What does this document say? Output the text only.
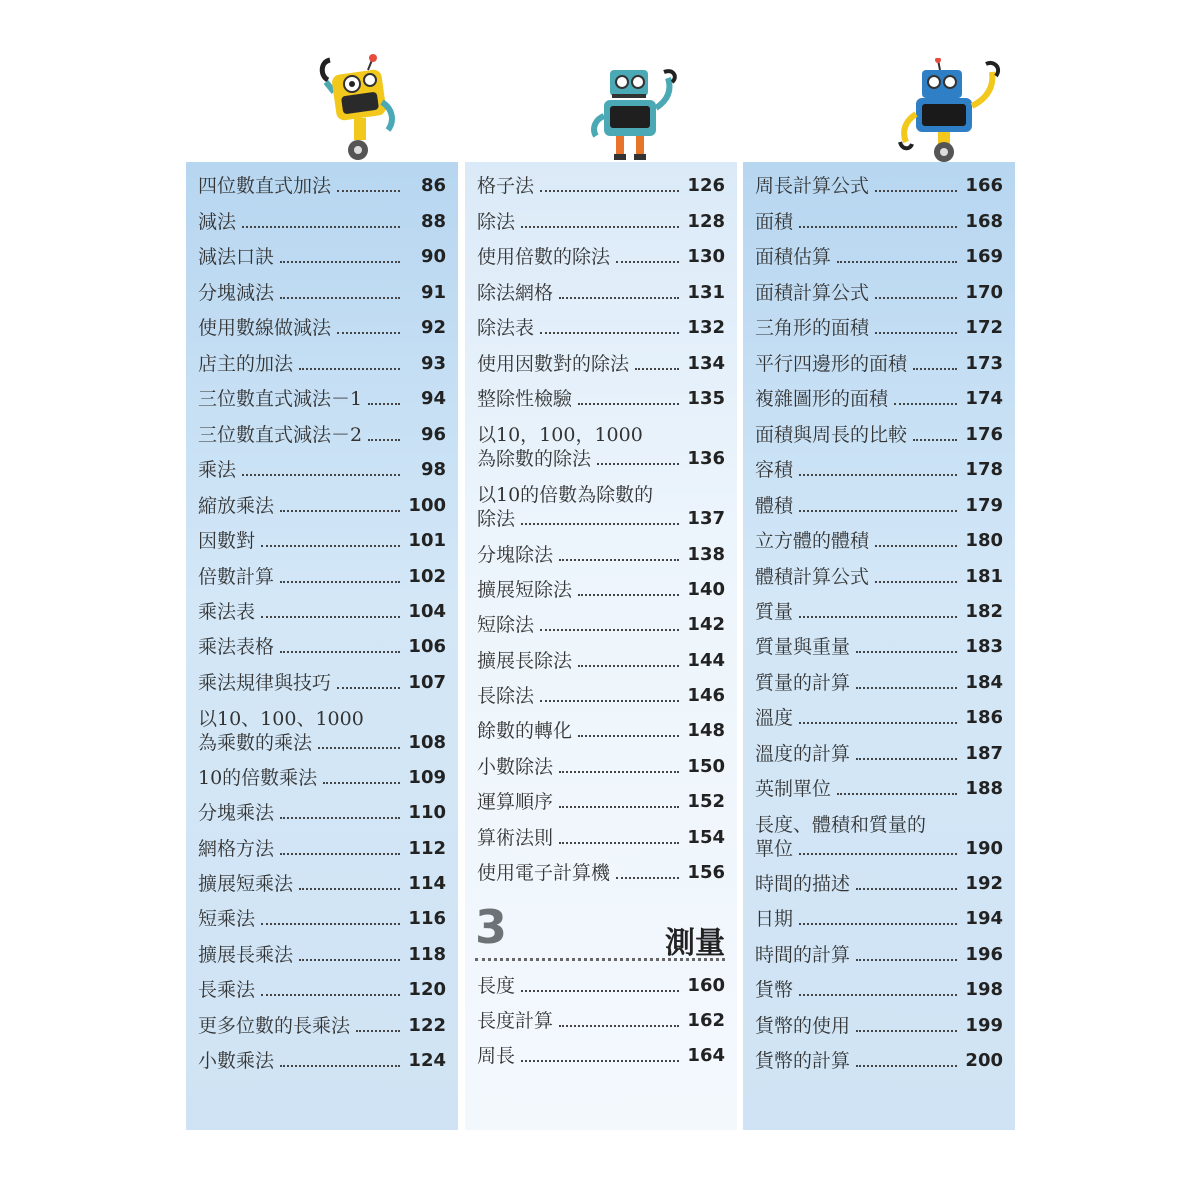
四位數直式加法	86
減法	88
減法口訣	90
分塊減法	91
使用數線做減法	92
店主的加法	93
三位數直式減法－1	94
三位數直式減法－2	96
乘法	98
縮放乘法	100
因數對	101
倍數計算	102
乘法表	104
乘法表格	106
乘法規律與技巧	107
以10、100、1000
為乘數的乘法	108
10的倍數乘法	109
分塊乘法	110
網格方法	112
擴展短乘法	114
短乘法	116
擴展長乘法	118
長乘法	120
更多位數的長乘法	122
小數乘法	124
格子法	126
除法	128
使用倍數的除法	130
除法網格	131
除法表	132
使用因數對的除法	134
整除性檢驗	135
以10，100，1000
為除數的除法	136
以10的倍數為除數的
除法	137
分塊除法	138
擴展短除法	140
短除法	142
擴展長除法	144
長除法	146
餘數的轉化	148
小數除法	150
運算順序	152
算術法則	154
使用電子計算機	156
長度	160
長度計算	162
周長	164
周長計算公式	166
面積	168
面積估算	169
面積計算公式	170
三角形的面積	172
平行四邊形的面積	173
複雜圖形的面積	174
面積與周長的比較	176
容積	178
體積	179
立方體的體積	180
體積計算公式	181
質量	182
質量與重量	183
質量的計算	184
溫度	186
溫度的計算	187
英制單位	188
長度、體積和質量的
單位	190
時間的描述	192
日期	194
時間的計算	196
貨幣	198
貨幣的使用	199
貨幣的計算	200
3	測量
